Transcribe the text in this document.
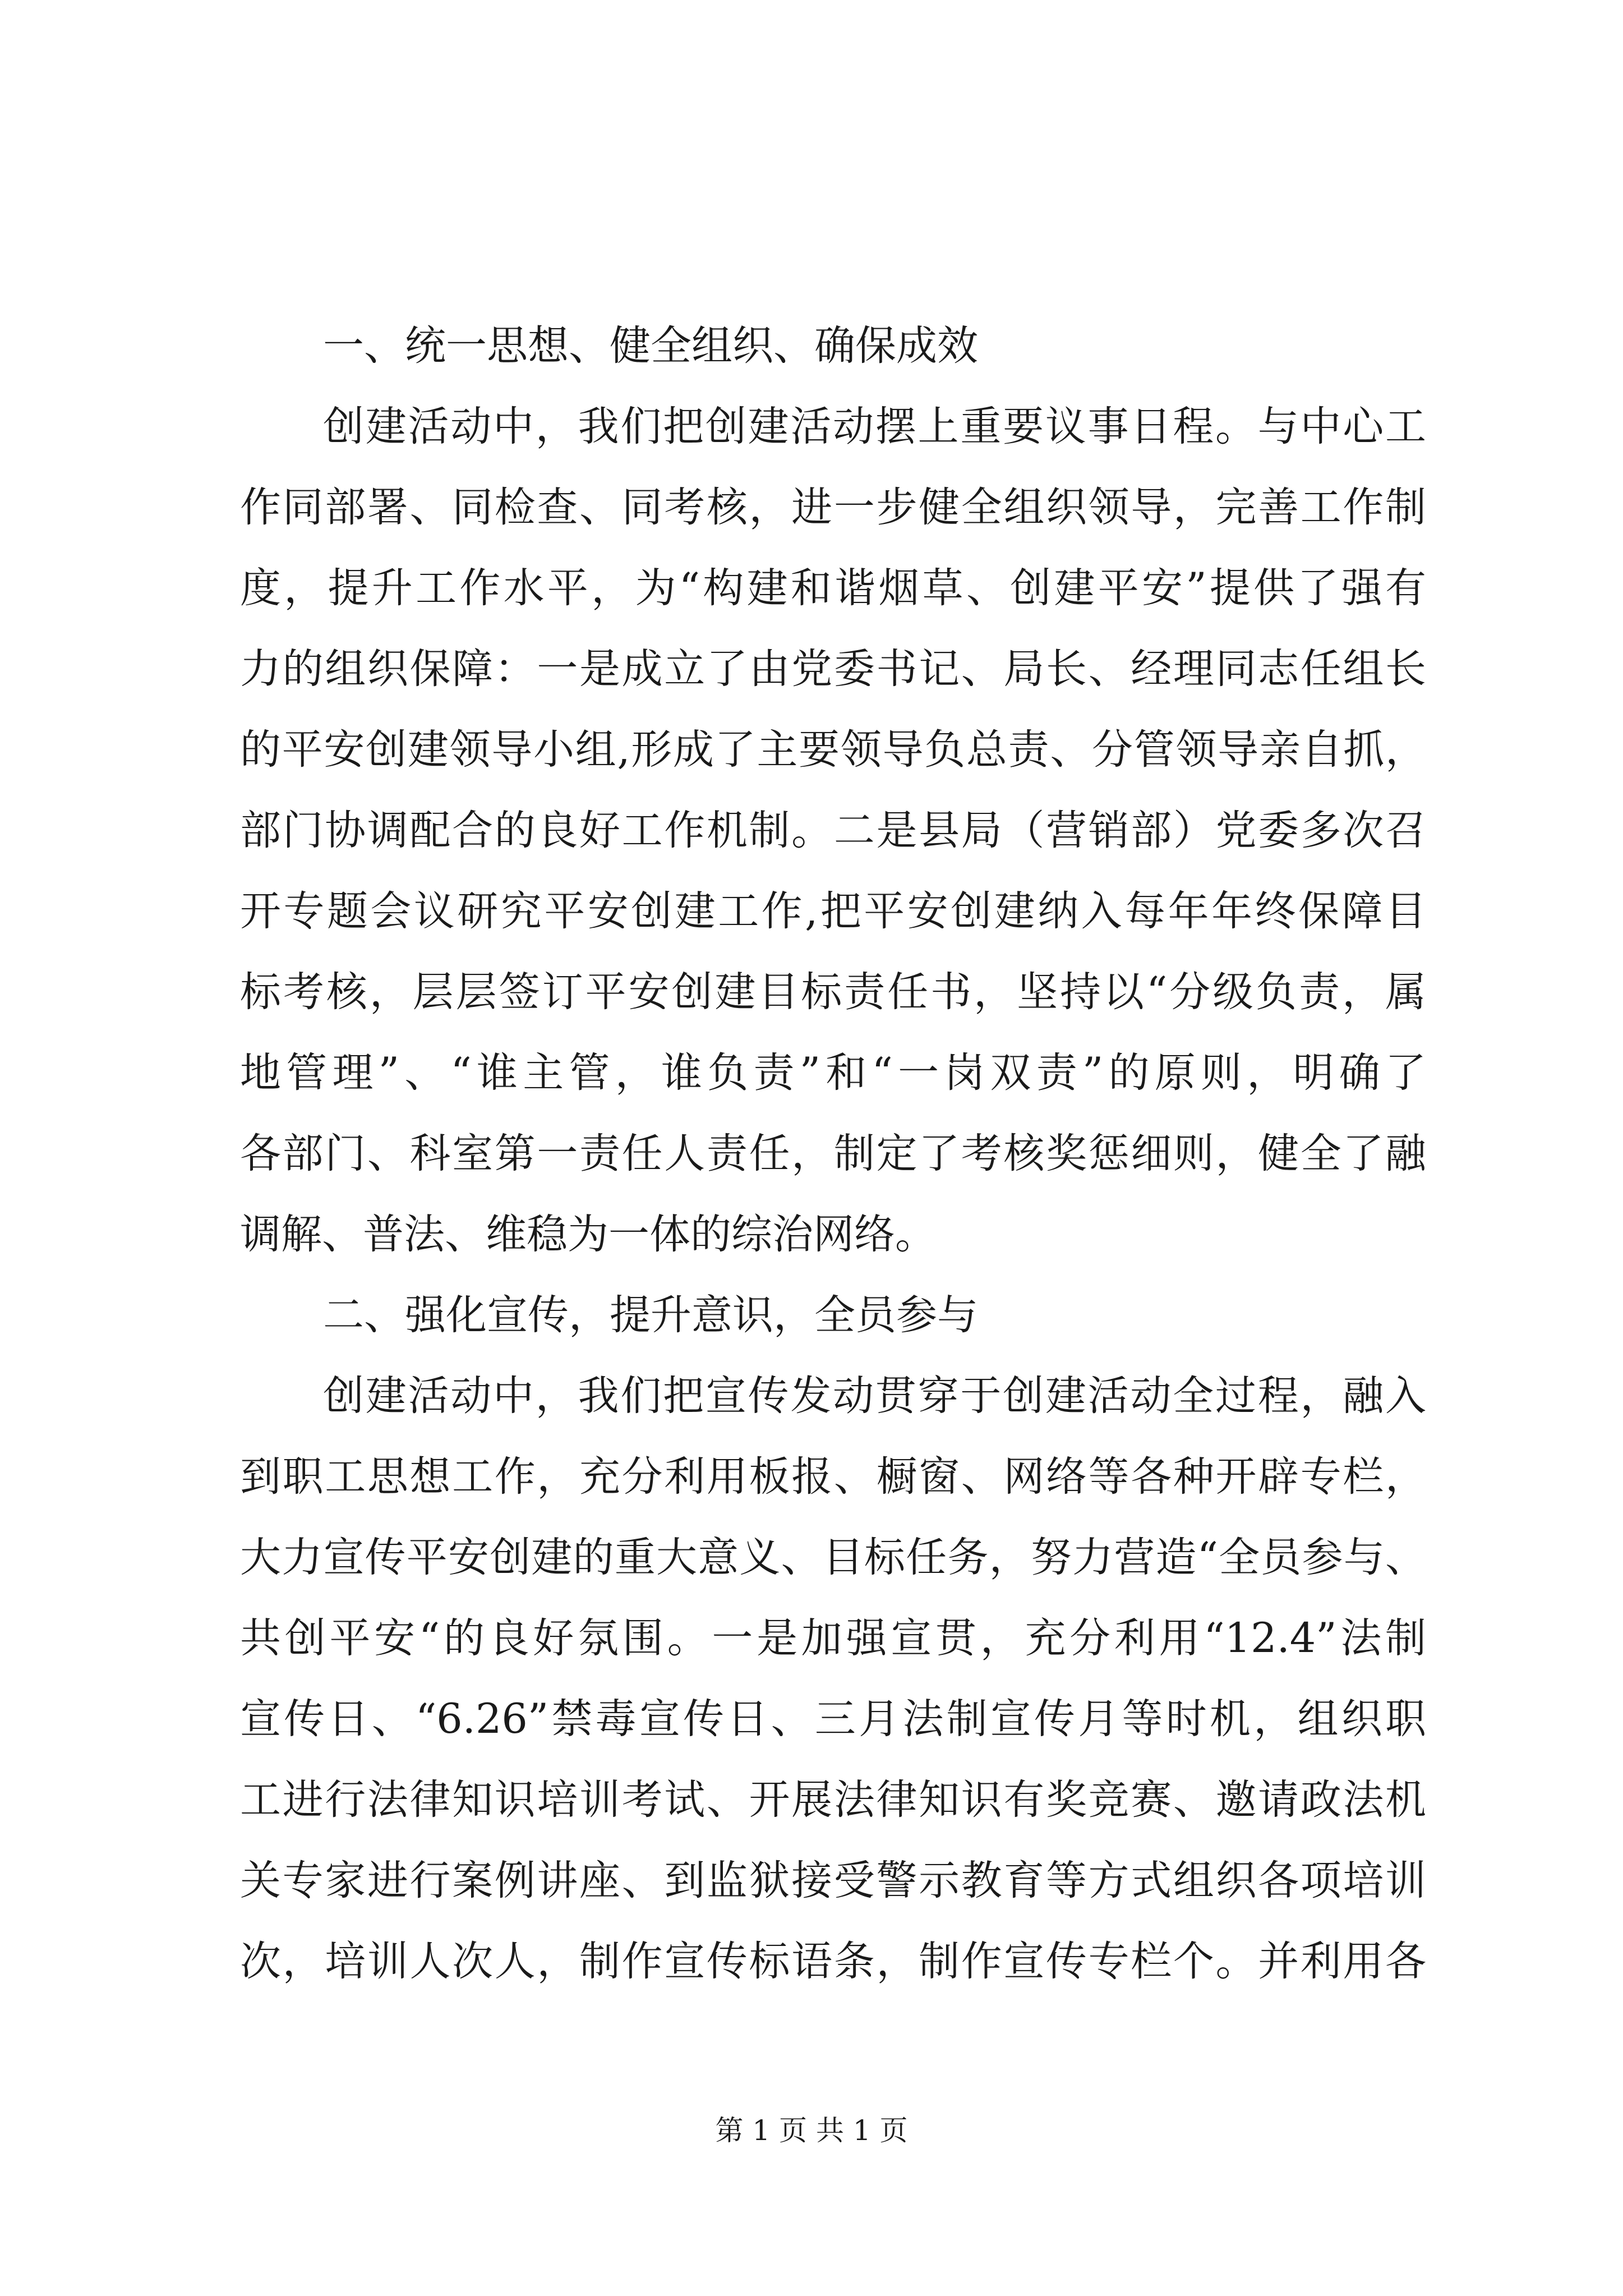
一、统一思想、健全组织、确保成效
创建活动中，我们把创建活动摆上重要议事日程。与中心工
作同部署、同检查、同考核，进一步健全组织领导，完善工作制
度，提升工作水平，为“构建和谐烟草、创建平安”提供了强有
力的组织保障：一是成立了由党委书记、局长、经理同志任组长
的平安创建领导小组,形成了主要领导负总责、分管领导亲自抓，
部门协调配合的良好工作机制。二是县局（营销部）党委多次召
开专题会议研究平安创建工作,把平安创建纳入每年年终保障目
标考核，层层签订平安创建目标责任书，坚持以“分级负责，属
地管理”、“谁主管，谁负责”和“一岗双责”的原则，明确了
各部门、科室第一责任人责任，制定了考核奖惩细则，健全了融
调解、普法、维稳为一体的综治网络。
二、强化宣传，提升意识，全员参与
创建活动中，我们把宣传发动贯穿于创建活动全过程，融入
到职工思想工作，充分利用板报、橱窗、网络等各种开辟专栏，
大力宣传平安创建的重大意义、目标任务，努力营造“全员参与、
共创平安“的良好氛围。一是加强宣贯，充分利用“12.4”法制
宣传日、“6.26”禁毒宣传日、三月法制宣传月等时机，组织职
工进行法律知识培训考试、开展法律知识有奖竞赛、邀请政法机
关专家进行案例讲座、到监狱接受警示教育等方式组织各项培训
次，培训人次人，制作宣传标语条，制作宣传专栏个。并利用各
第 1 页 共 1 页
